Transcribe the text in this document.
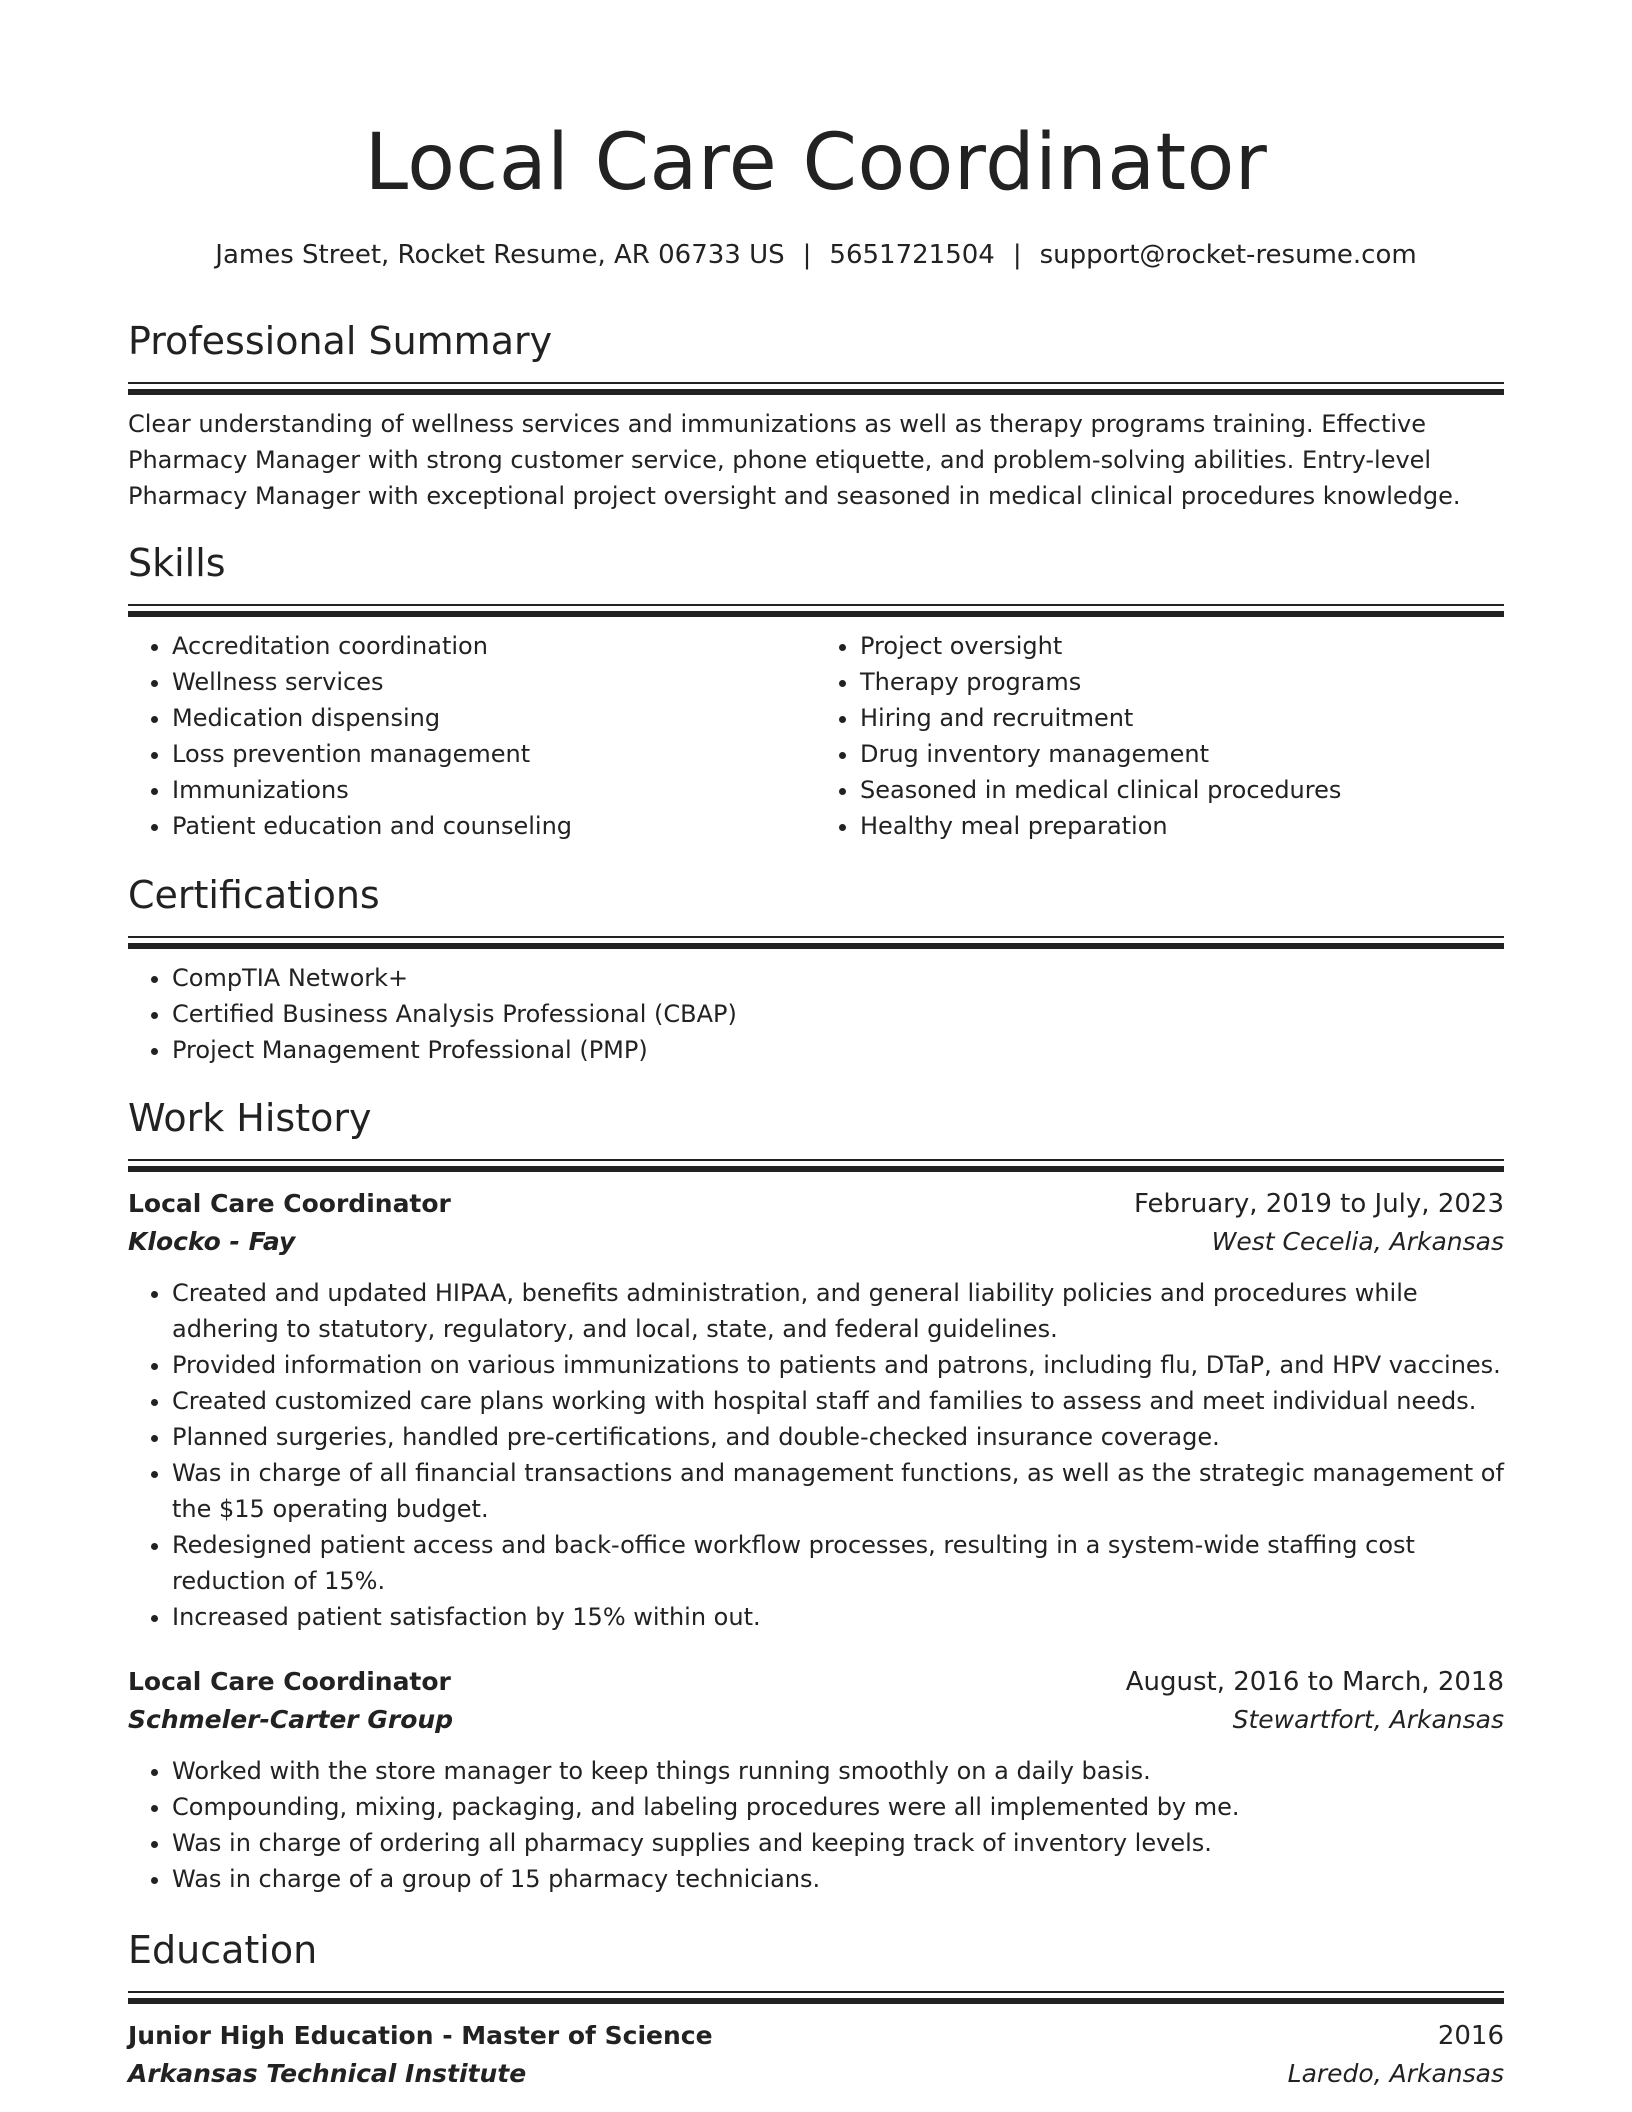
Local Care Coordinator
James Street, Rocket Resume, AR 06733 US | 5651721504 | support@rocket-resume.com
Professional Summary
Clear understanding of wellness services and immunizations as well as therapy programs training. Effective Pharmacy Manager with strong customer service, phone etiquette, and problem-solving abilities. Entry-level Pharmacy Manager with exceptional project oversight and seasoned in medical clinical procedures knowledge.
Skills
• Accreditation coordination
• Wellness services
• Medication dispensing
• Loss prevention management
• Immunizations
• Patient education and counseling
• Project oversight
• Therapy programs
• Hiring and recruitment
• Drug inventory management
• Seasoned in medical clinical procedures
• Healthy meal preparation
Certifications
• CompTIA Network+
• Certified Business Analysis Professional (CBAP)
• Project Management Professional (PMP)
Work History
Local Care Coordinator	February, 2019 to July, 2023
Klocko - Fay	West Cecelia, Arkansas
• Created and updated HIPAA, benefits administration, and general liability policies and procedures while adhering to statutory, regulatory, and local, state, and federal guidelines.
• Provided information on various immunizations to patients and patrons, including flu, DTaP, and HPV vaccines.
• Created customized care plans working with hospital staff and families to assess and meet individual needs.
• Planned surgeries, handled pre-certifications, and double-checked insurance coverage.
• Was in charge of all financial transactions and management functions, as well as the strategic management of the $15 operating budget.
• Redesigned patient access and back-office workflow processes, resulting in a system-wide staffing cost reduction of 15%.
• Increased patient satisfaction by 15% within out.
Local Care Coordinator	August, 2016 to March, 2018
Schmeler-Carter Group	Stewartfort, Arkansas
• Worked with the store manager to keep things running smoothly on a daily basis.
• Compounding, mixing, packaging, and labeling procedures were all implemented by me.
• Was in charge of ordering all pharmacy supplies and keeping track of inventory levels.
• Was in charge of a group of 15 pharmacy technicians.
Education
Junior High Education - Master of Science	2016
Arkansas Technical Institute	Laredo, Arkansas
